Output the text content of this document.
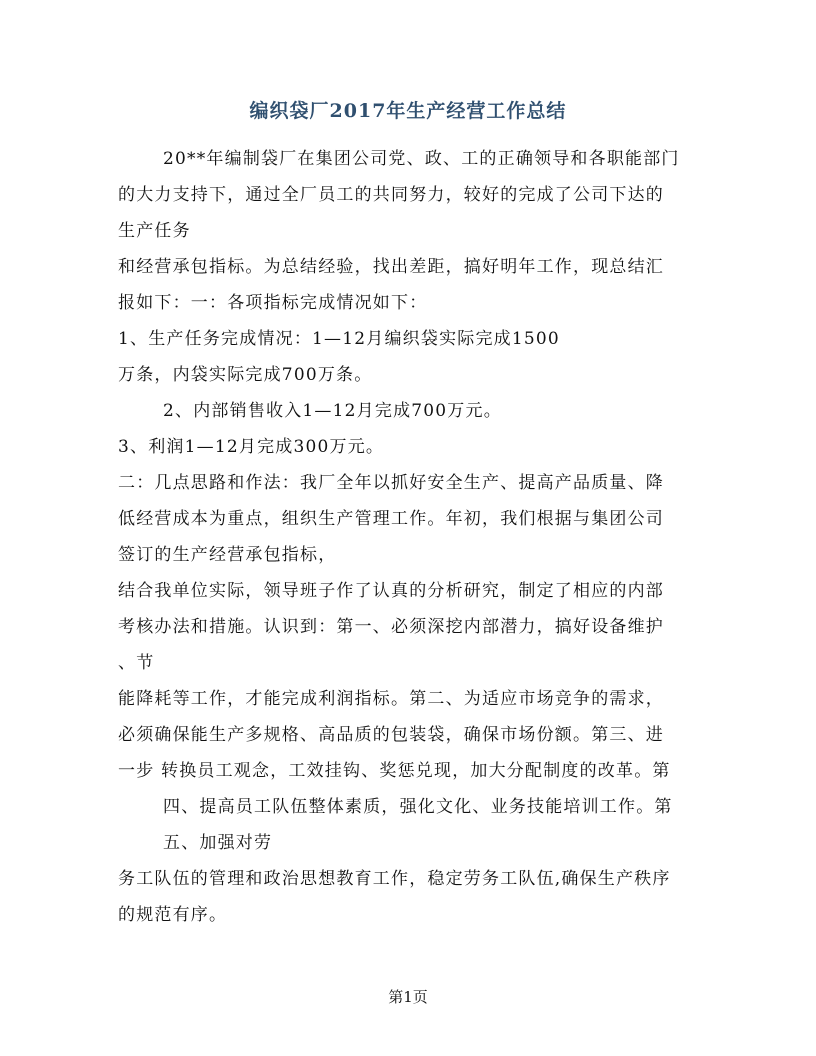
编织袋厂2017年生产经营工作总结

20**年编制袋厂在集团公司党、政、工的正确领导和各职能部门

的大力支持下，通过全厂员工的共同努力，较好的完成了公司下达的

生产任务

和经营承包指标。为总结经验，找出差距，搞好明年工作，现总结汇

报如下：一：各项指标完成情况如下：

1、生产任务完成情况：1—12月编织袋实际完成1500

万条，内袋实际完成700万条。

2、内部销售收入1—12月完成700万元。

3、利润1—12月完成300万元。

二：几点思路和作法：我厂全年以抓好安全生产、提高产品质量、降

低经营成本为重点，组织生产管理工作。年初，我们根据与集团公司

签订的生产经营承包指标，

结合我单位实际，领导班子作了认真的分析研究，制定了相应的内部

考核办法和措施。认识到：第一、必须深挖内部潜力，搞好设备维护

、节

能降耗等工作，才能完成利润指标。第二、为适应市场竞争的需求，

必须确保能生产多规格、高品质的包装袋，确保市场份额。第三、进

一步 转换员工观念，工效挂钩、奖惩兑现，加大分配制度的改革。第

四、提高员工队伍整体素质，强化文化、业务技能培训工作。第

五、加强对劳

务工队伍的管理和政治思想教育工作，稳定劳务工队伍,确保生产秩序

的规范有序。

第1页
